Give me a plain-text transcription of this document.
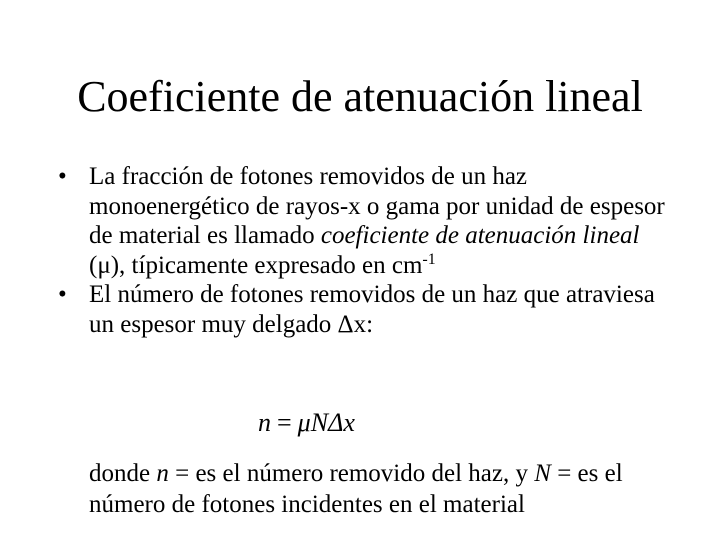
Coeficiente de atenuación lineal
• La fracción de fotones removidos de un haz monoenergético de rayos-x o gama por unidad de espesor de material es llamado coeficiente de atenuación lineal (μ), típicamente expresado en $cm^{-1}$
• El número de fotones removidos de un haz que atraviesa un espesor muy delgado Δx:
n = μNΔx
donde n = es el número removido del haz, y N = es el número de fotones incidentes en el material
